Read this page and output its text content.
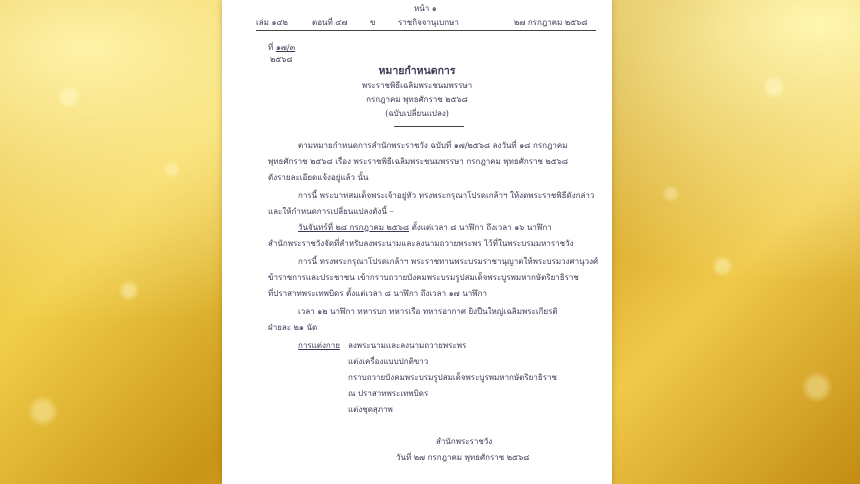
หน้า ๑
เล่ม ๑๔๒	ตอนที่ ๔๗	ข	ราชกิจจานุเบกษา	๒๗ กรกฎาคม ๒๕๖๘
ที่ ๑๗/๓
๒๕๖๘
หมายกำหนดการ
พระราชพิธีเฉลิมพระชนมพรรษา
กรกฎาคม พุทธศักราช ๒๕๖๘
(ฉบับเปลี่ยนแปลง)
ตามหมายกำหนดการสำนักพระราชวัง ฉบับที่ ๑๗/๒๕๖๘ ลงวันที่ ๑๘ กรกฎาคม
พุทธศักราช ๒๕๖๘ เรื่อง พระราชพิธีเฉลิมพระชนมพรรษา กรกฎาคม พุทธศักราช ๒๕๖๘
ดังรายละเอียดแจ้งอยู่แล้ว นั้น
การนี้ พระบาทสมเด็จพระเจ้าอยู่หัว ทรงพระกรุณาโปรดเกล้าฯ ให้งดพระราชพิธีดังกล่าว
และให้กำหนดการเปลี่ยนแปลงดังนี้ –
วันจันทร์ที่ ๒๘ กรกฎาคม ๒๕๖๘ ตั้งแต่เวลา ๘ นาฬิกา ถึงเวลา ๑๖ นาฬิกา
สำนักพระราชวังจัดที่สำหรับลงพระนามและลงนามถวายพระพร ไว้ที่ในพระบรมมหาราชวัง
การนี้ ทรงพระกรุณาโปรดเกล้าฯ พระราชทานพระบรมราชานุญาตให้พระบรมวงศานุวงศ์
ข้าราชการและประชาชน เข้ากราบถวายบังคมพระบรมรูปสมเด็จพระบูรพมหากษัตริยาธิราช
ที่ปราสาทพระเทพบิดร ตั้งแต่เวลา ๘ นาฬิกา ถึงเวลา ๑๗ นาฬิกา
เวลา ๑๒ นาฬิกา ทหารบก ทหารเรือ ทหารอากาศ ยิงปืนใหญ่เฉลิมพระเกียรติ
ฝ่ายละ ๒๑ นัด
การแต่งกาย ลงพระนามและลงนามถวายพระพร
แต่งเครื่องแบบปกติขาว
กราบถวายบังคมพระบรมรูปสมเด็จพระบูรพมหากษัตริยาธิราช
ณ ปราสาทพระเทพบิดร
แต่งชุดสุภาพ
สำนักพระราชวัง
วันที่ ๒๗ กรกฎาคม พุทธศักราช ๒๕๖๘
